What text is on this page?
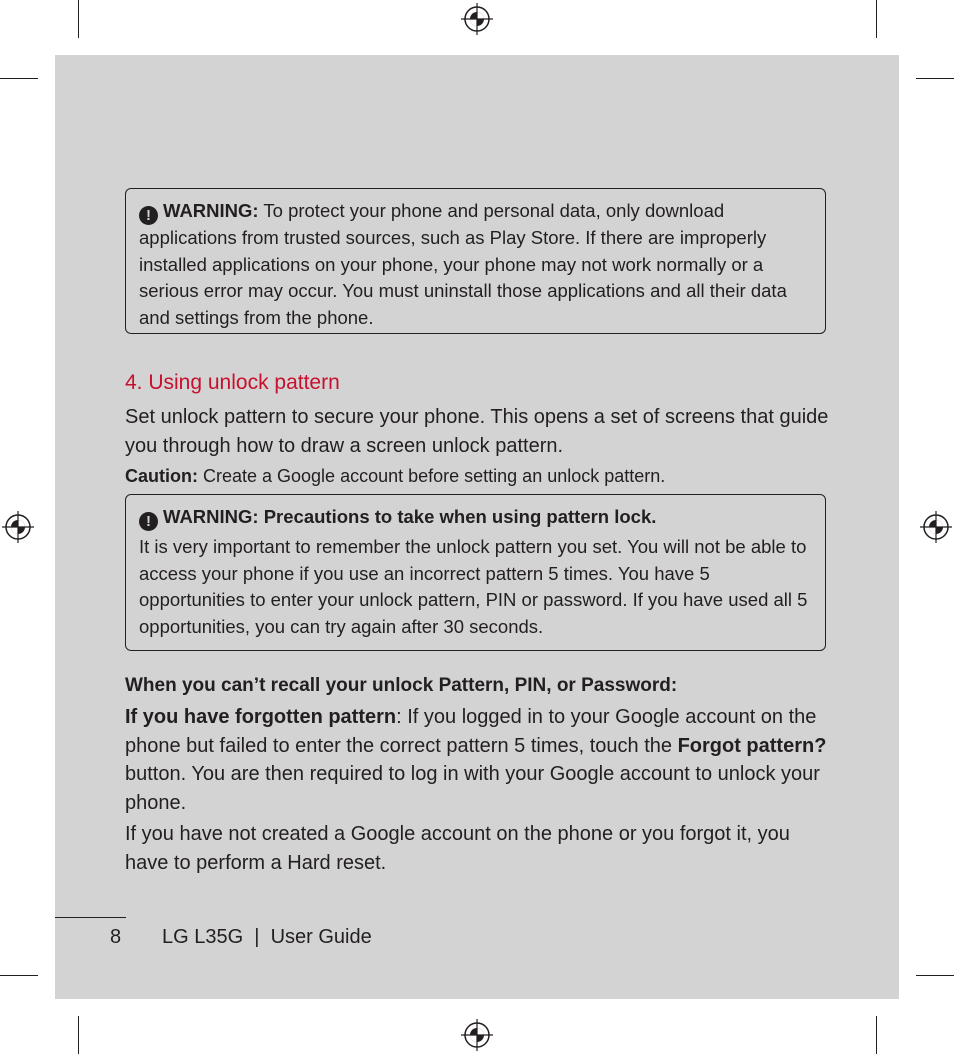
! WARNING: To protect your phone and personal data, only download applications from trusted sources, such as Play Store. If there are improperly installed applications on your phone, your phone may not work normally or a serious error may occur. You must uninstall those applications and all their data and settings from the phone.

4. Using unlock pattern

Set unlock pattern to secure your phone. This opens a set of screens that guide you through how to draw a screen unlock pattern.

Caution: Create a Google account before setting an unlock pattern.

! WARNING: Precautions to take when using pattern lock.

It is very important to remember the unlock pattern you set. You will not be able to access your phone if you use an incorrect pattern 5 times. You have 5 opportunities to enter your unlock pattern, PIN or password. If you have used all 5 opportunities, you can try again after 30 seconds.

When you can’t recall your unlock Pattern, PIN, or Password:

If you have forgotten pattern: If you logged in to your Google account on the phone but failed to enter the correct pattern 5 times, touch the Forgot pattern? button. You are then required to log in with your Google account to unlock your phone.

If you have not created a Google account on the phone or you forgot it, you have to perform a Hard reset.

8 LG L35G  |  User Guide
